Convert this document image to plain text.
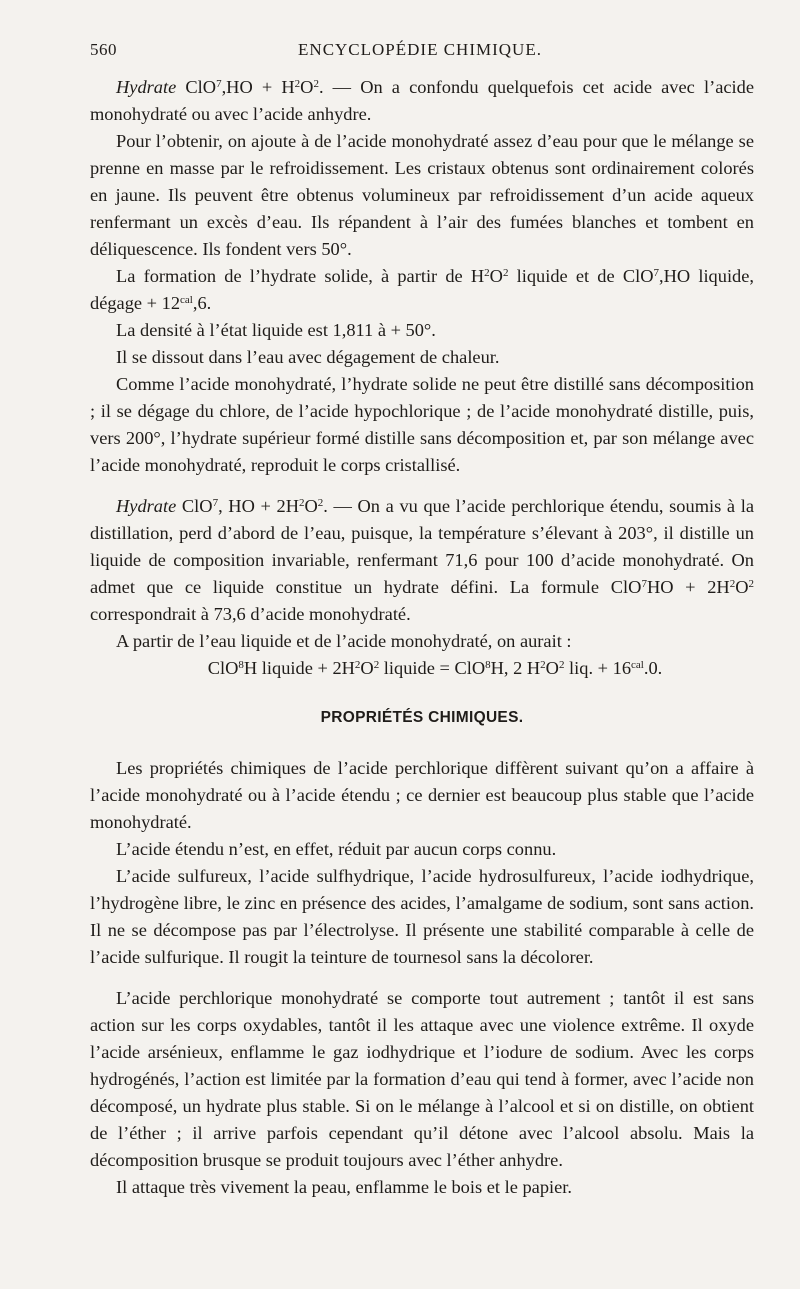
560	ENCYCLOPÉDIE CHIMIQUE.

Hydrate $ClO^7,HO + H^2O^2$. — On a confondu quelquefois cet acide avec l’acide monohydraté ou avec l’acide anhydre.

Pour l’obtenir, on ajoute à de l’acide monohydraté assez d’eau pour que le mélange se prenne en masse par le refroidissement. Les cristaux obtenus sont ordinairement colorés en jaune. Ils peuvent être obtenus volumineux par refroidissement d’un acide aqueux renfermant un excès d’eau. Ils répandent à l’air des fumées blanches et tombent en déliquescence. Ils fondent vers 50°.

La formation de l’hydrate solide, à partir de $H^2O^2$ liquide et de ClO$^7$,HO liquide, dégage + $12^{cal},6$.

La densité à l’état liquide est 1,811 à + 50°.

Il se dissout dans l’eau avec dégagement de chaleur.

Comme l’acide monohydraté, l’hydrate solide ne peut être distillé sans décomposition ; il se dégage du chlore, de l’acide hypochlorique ; de l’acide monohydraté distille, puis, vers 200°, l’hydrate supérieur formé distille sans décomposition et, par son mélange avec l’acide monohydraté, reproduit le corps cristallisé.

Hydrate ClO$^7$, HO + $2H^2O^2$. — On a vu que l’acide perchlorique étendu, soumis à la distillation, perd d’abord de l’eau, puisque, la température s’élevant à 203°, il distille un liquide de composition invariable, renfermant 71,6 pour 100 d’acide monohydraté. On admet que ce liquide constitue un hydrate défini. La formule $ClO^7HO + 2H^2O^2$ correspondrait à 73,6 d’acide monohydraté.

A partir de l’eau liquide et de l’acide monohydraté, on aurait :

ClO$^8$H liquide + $2H^2O^2$ liquide = ClO$^8$H, 2 $H^2O^2$ liq. + $16^{cal}.0$.

PROPRIÉTÉS CHIMIQUES.

Les propriétés chimiques de l’acide perchlorique diffèrent suivant qu’on a affaire à l’acide monohydraté ou à l’acide étendu ; ce dernier est beaucoup plus stable que l’acide monohydraté.

L’acide étendu n’est, en effet, réduit par aucun corps connu.

L’acide sulfureux, l’acide sulfhydrique, l’acide hydrosulfureux, l’acide iodhydrique, l’hydrogène libre, le zinc en présence des acides, l’amalgame de sodium, sont sans action. Il ne se décompose pas par l’électrolyse. Il présente une stabilité comparable à celle de l’acide sulfurique. Il rougit la teinture de tournesol sans la décolorer.

L’acide perchlorique monohydraté se comporte tout autrement ; tantôt il est sans action sur les corps oxydables, tantôt il les attaque avec une violence extrême. Il oxyde l’acide arsénieux, enflamme le gaz iodhydrique et l’iodure de sodium. Avec les corps hydrogénés, l’action est limitée par la formation d’eau qui tend à former, avec l’acide non décomposé, un hydrate plus stable. Si on le mélange à l’alcool et si on distille, on obtient de l’éther ; il arrive parfois cependant qu’il détone avec l’alcool absolu. Mais la décomposition brusque se produit toujours avec l’éther anhydre.

Il attaque très vivement la peau, enflamme le bois et le papier.
